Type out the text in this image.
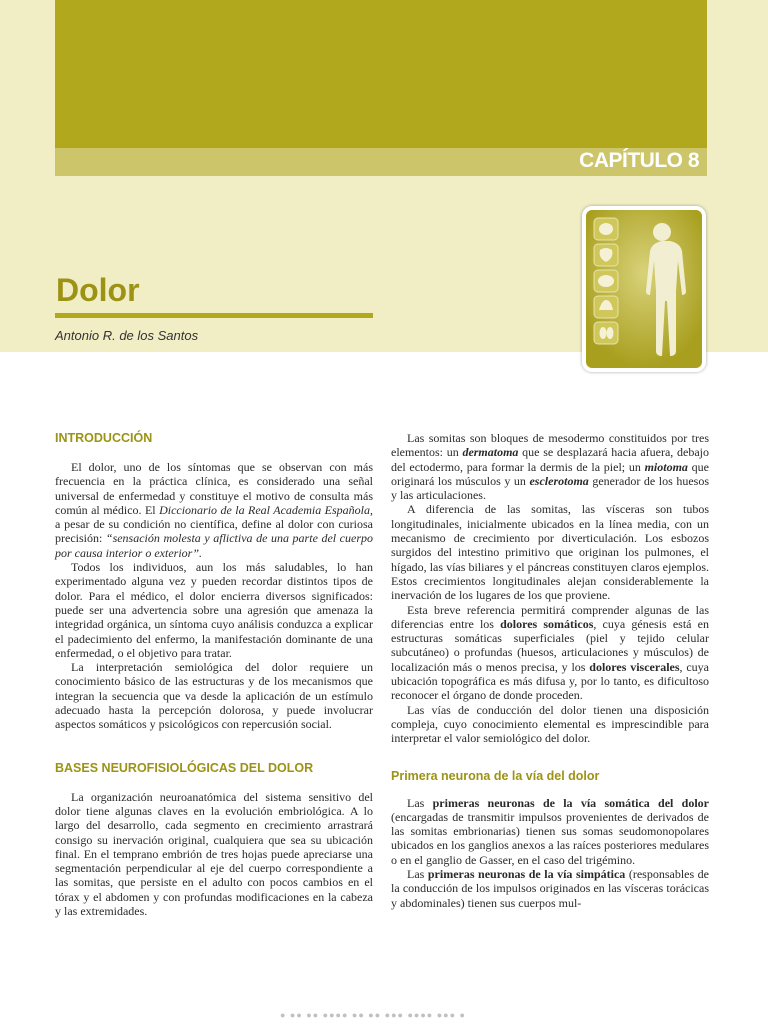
CAPÍTULO 8
Dolor
Antonio R. de los Santos
INTRODUCCIÓN

El dolor, uno de los síntomas que se observan con más frecuencia en la práctica clínica, es considerado una señal universal de enfermedad y constituye el motivo de consulta más común al médico. El Diccionario de la Real Academia Española, a pesar de su condición no científica, define al dolor con curiosa precisión: “sensación molesta y aflictiva de una parte del cuerpo por causa interior o exterior”.

Todos los individuos, aun los más saludables, lo han experimentado alguna vez y pueden recordar distintos tipos de dolor. Para el médico, el dolor encierra diversos significados: puede ser una advertencia sobre una agresión que amenaza la integridad orgánica, un síntoma cuyo análisis conduzca a explicar el padecimiento del enfermo, la manifestación dominante de una enfermedad, o el objetivo para tratar.

La interpretación semiológica del dolor requiere un conocimiento básico de las estructuras y de los mecanismos que integran la secuencia que va desde la aplicación de un estímulo adecuado hasta la percepción dolorosa, y puede involucrar aspectos somáticos y psicológicos con repercusión social.

BASES NEUROFISIOLÓGICAS DEL DOLOR

La organización neuroanatómica del sistema sensitivo del dolor tiene algunas claves en la evolución embriológica. A lo largo del desarrollo, cada segmento en crecimiento arrastrará consigo su inervación original, cualquiera que sea su ubicación final. En el temprano embrión de tres hojas puede apreciarse una segmentación perpendicular al eje del cuerpo correspondiente a las somitas, que persiste en el adulto con pocos cambios en el tórax y el abdomen y con profundas modificaciones en la cabeza y las extremidades.

Las somitas son bloques de mesodermo constituidos por tres elementos: un dermatoma que se desplazará hacia afuera, debajo del ectodermo, para formar la dermis de la piel; un miotoma que originará los músculos y un esclerotoma generador de los huesos y las articulaciones.

A diferencia de las somitas, las vísceras son tubos longitudinales, inicialmente ubicados en la línea media, con un mecanismo de crecimiento por diverticulación. Los esbozos surgidos del intestino primitivo que originan los pulmones, el hígado, las vías biliares y el páncreas constituyen claros ejemplos. Estos crecimientos longitudinales alejan considerablemente la inervación de los lugares de los que proviene.

Esta breve referencia permitirá comprender algunas de las diferencias entre los dolores somáticos, cuya génesis está en estructuras somáticas superficiales (piel y tejido celular subcutáneo) o profundas (huesos, articulaciones y músculos) de localización más o menos precisa, y los dolores viscerales, cuya ubicación topográfica es más difusa y, por lo tanto, es dificultoso reconocer el órgano de donde proceden.

Las vías de conducción del dolor tienen una disposición compleja, cuyo conocimiento elemental es imprescindible para interpretar el valor semiológico del dolor.

Primera neurona de la vía del dolor

Las primeras neuronas de la vía somática del dolor (encargadas de transmitir impulsos provenientes de derivados de las somitas embrionarias) tienen sus somas seudomonopolares ubicados en los ganglios anexos a las raíces posteriores medulares o en el ganglio de Gasser, en el caso del trigémino.

Las primeras neuronas de la vía simpática (responsables de la conducción de los impulsos originados en las vísceras torácicas y abdominales) tienen sus cuerpos mul-

● ●● ●● ●●●● ●● ●● ●●● ●●●● ●●● ●
